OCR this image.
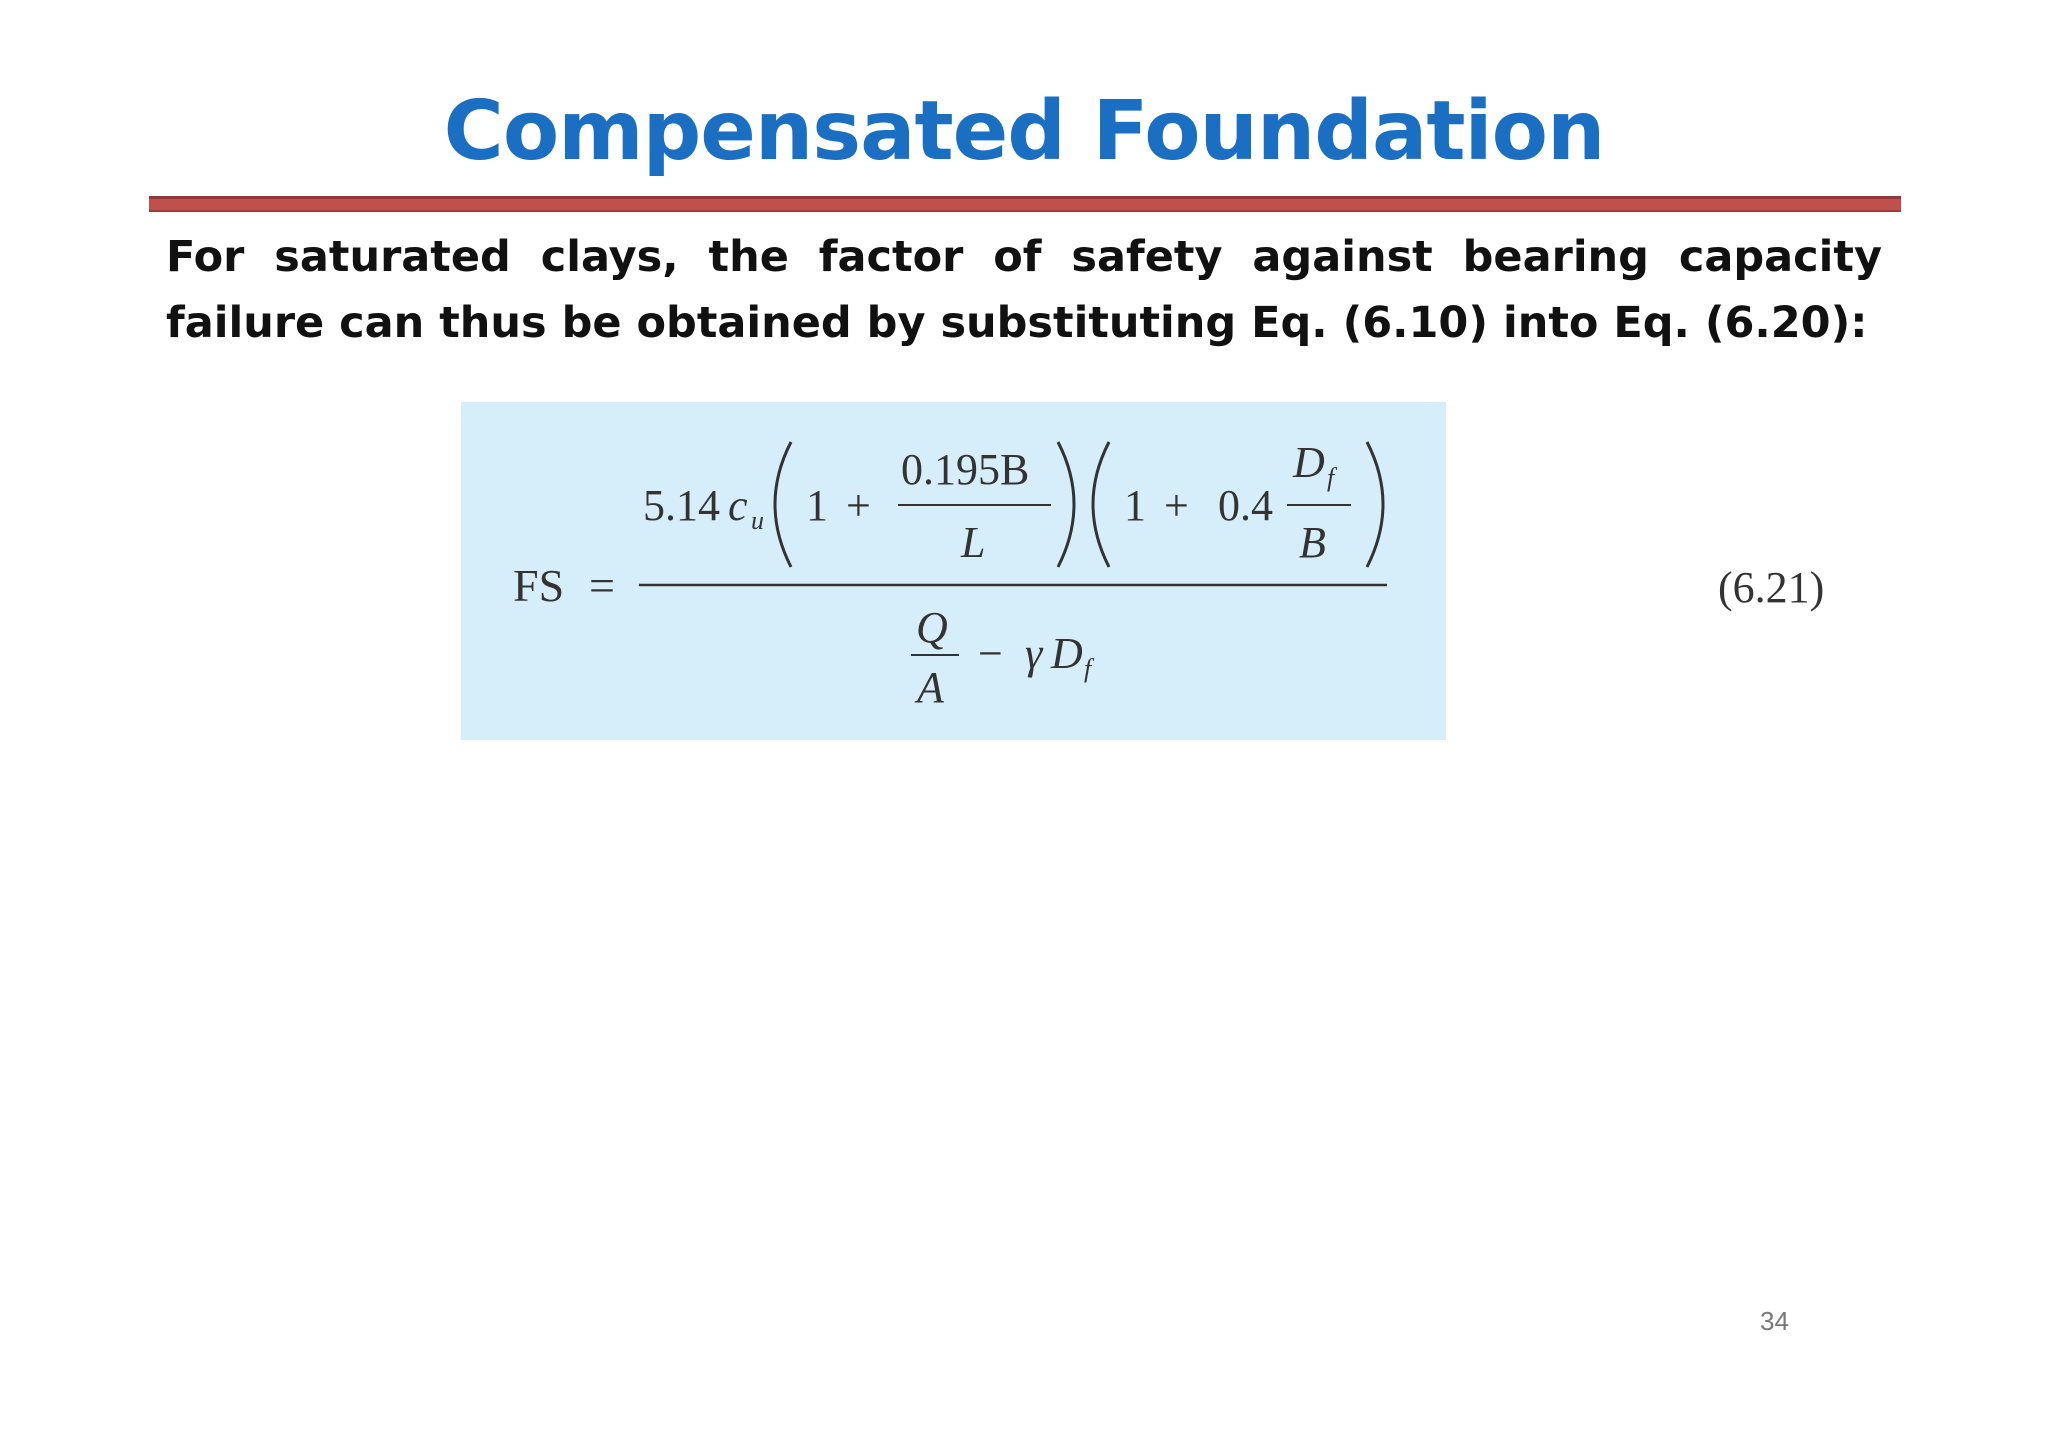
Compensated Foundation
For saturated clays, the factor of safety against bearing capacity failure can thus be obtained by substituting Eq. (6.10) into Eq. (6.20):
FS =
5.14 c u 1 +
0.195B
L
1 + 0.4
D f
B
Q
A
− γ D f
(6.21)
34
